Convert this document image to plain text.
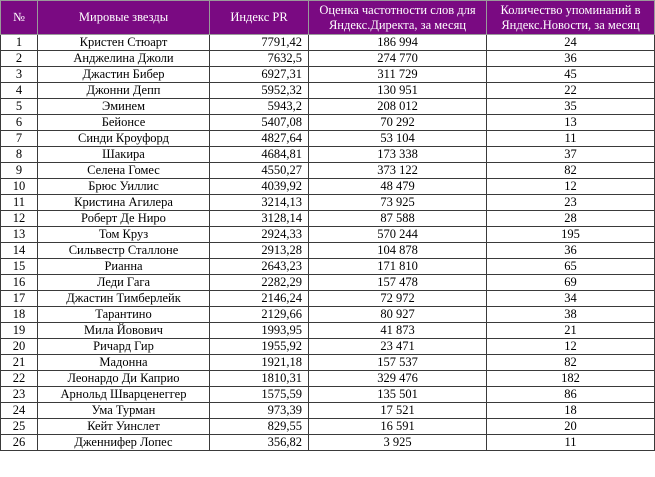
№	Мировые звезды	Индекс PR	Оценка частотности слов для Яндекс.Директа, за месяц	Количество упоминаний в Яндекс.Новости, за месяц
1	Кристен Стюарт	7791,42	186 994	24
2	Анджелина Джоли	7632,5	274 770	36
3	Джастин Бибер	6927,31	311 729	45
4	Джонни Депп	5952,32	130 951	22
5	Эминем	5943,2	208 012	35
6	Бейонсе	5407,08	70 292	13
7	Синди Кроуфорд	4827,64	53 104	11
8	Шакира	4684,81	173 338	37
9	Селена Гомес	4550,27	373 122	82
10	Брюс Уиллис	4039,92	48 479	12
11	Кристина Агилера	3214,13	73 925	23
12	Роберт Де Ниро	3128,14	87 588	28
13	Том Круз	2924,33	570 244	195
14	Сильвестр Сталлоне	2913,28	104 878	36
15	Рианна	2643,23	171 810	65
16	Леди Гага	2282,29	157 478	69
17	Джастин Тимберлейк	2146,24	72 972	34
18	Тарантино	2129,66	80 927	38
19	Мила Йовович	1993,95	41 873	21
20	Ричард Гир	1955,92	23 471	12
21	Мадонна	1921,18	157 537	82
22	Леонардо Ди Каприо	1810,31	329 476	182
23	Арнольд Шварценеггер	1575,59	135 501	86
24	Ума Турман	973,39	17 521	18
25	Кейт Уинслет	829,55	16 591	20
26	Дженнифер Лопес	356,82	3 925	11
